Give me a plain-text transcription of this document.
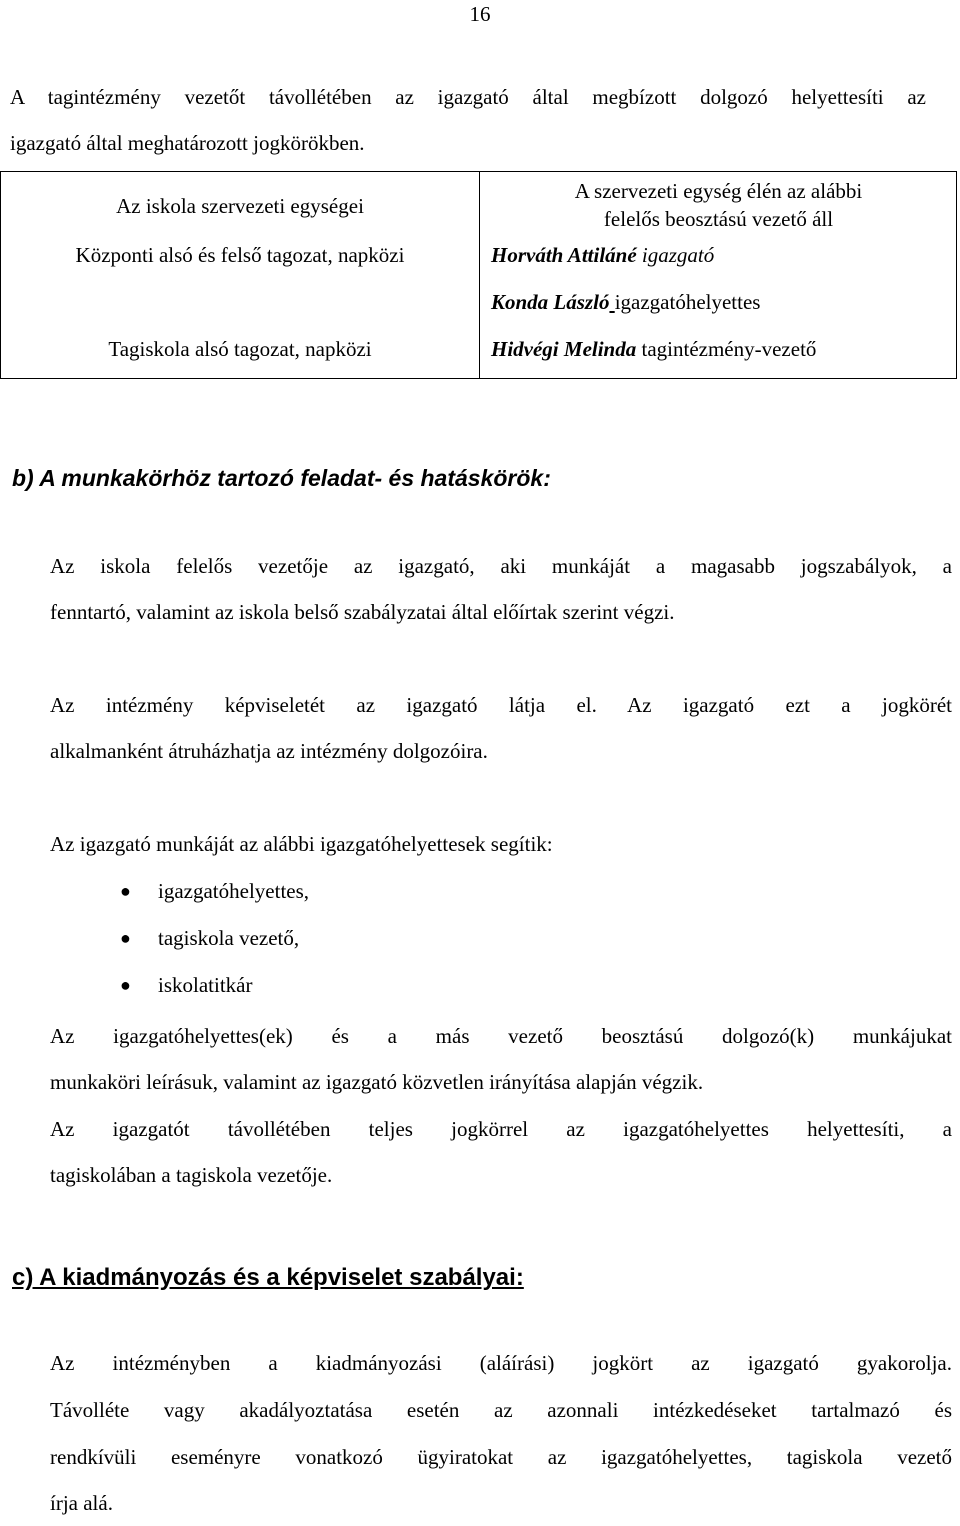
16
A tagintézmény vezetőt távollétében az igazgató által megbízott dolgozó helyettesíti az
igazgató által meghatározott jogkörökben.
Az iskola szervezeti egységei
A szervezeti egység élén az alábbi
felelős beosztású vezető áll
Központi alsó és felső tagozat, napközi	Horváth Attiláné igazgató
Konda László igazgatóhelyettes
Tagiskola alsó tagozat, napközi	Hidvégi Melinda tagintézmény-vezető
b) A munkakörhöz tartozó feladat- és hatáskörök:
Az iskola felelős vezetője az igazgató, aki munkáját a magasabb jogszabályok, a
fenntartó, valamint az iskola belső szabályzatai által előírtak szerint végzi.
Az intézmény képviseletét az igazgató látja el. Az igazgató ezt a jogkörét
alkalmanként átruházhatja az intézmény dolgozóira.
Az igazgató munkáját az alábbi igazgatóhelyettesek segítik:
● igazgatóhelyettes,
● tagiskola vezető,
● iskolatitkár
Az igazgatóhelyettes(ek) és a más vezető beosztású dolgozó(k) munkájukat
munkaköri leírásuk, valamint az igazgató közvetlen irányítása alapján végzik.
Az igazgatót távollétében teljes jogkörrel az igazgatóhelyettes helyettesíti, a
tagiskolában a tagiskola vezetője.
c) A kiadmányozás és a képviselet szabályai:
Az intézményben a kiadmányozási (aláírási) jogkört az igazgató gyakorolja.
Távolléte vagy akadályoztatása esetén az azonnali intézkedéseket tartalmazó és
rendkívüli eseményre vonatkozó ügyiratokat az igazgatóhelyettes, tagiskola vezető
írja alá.
